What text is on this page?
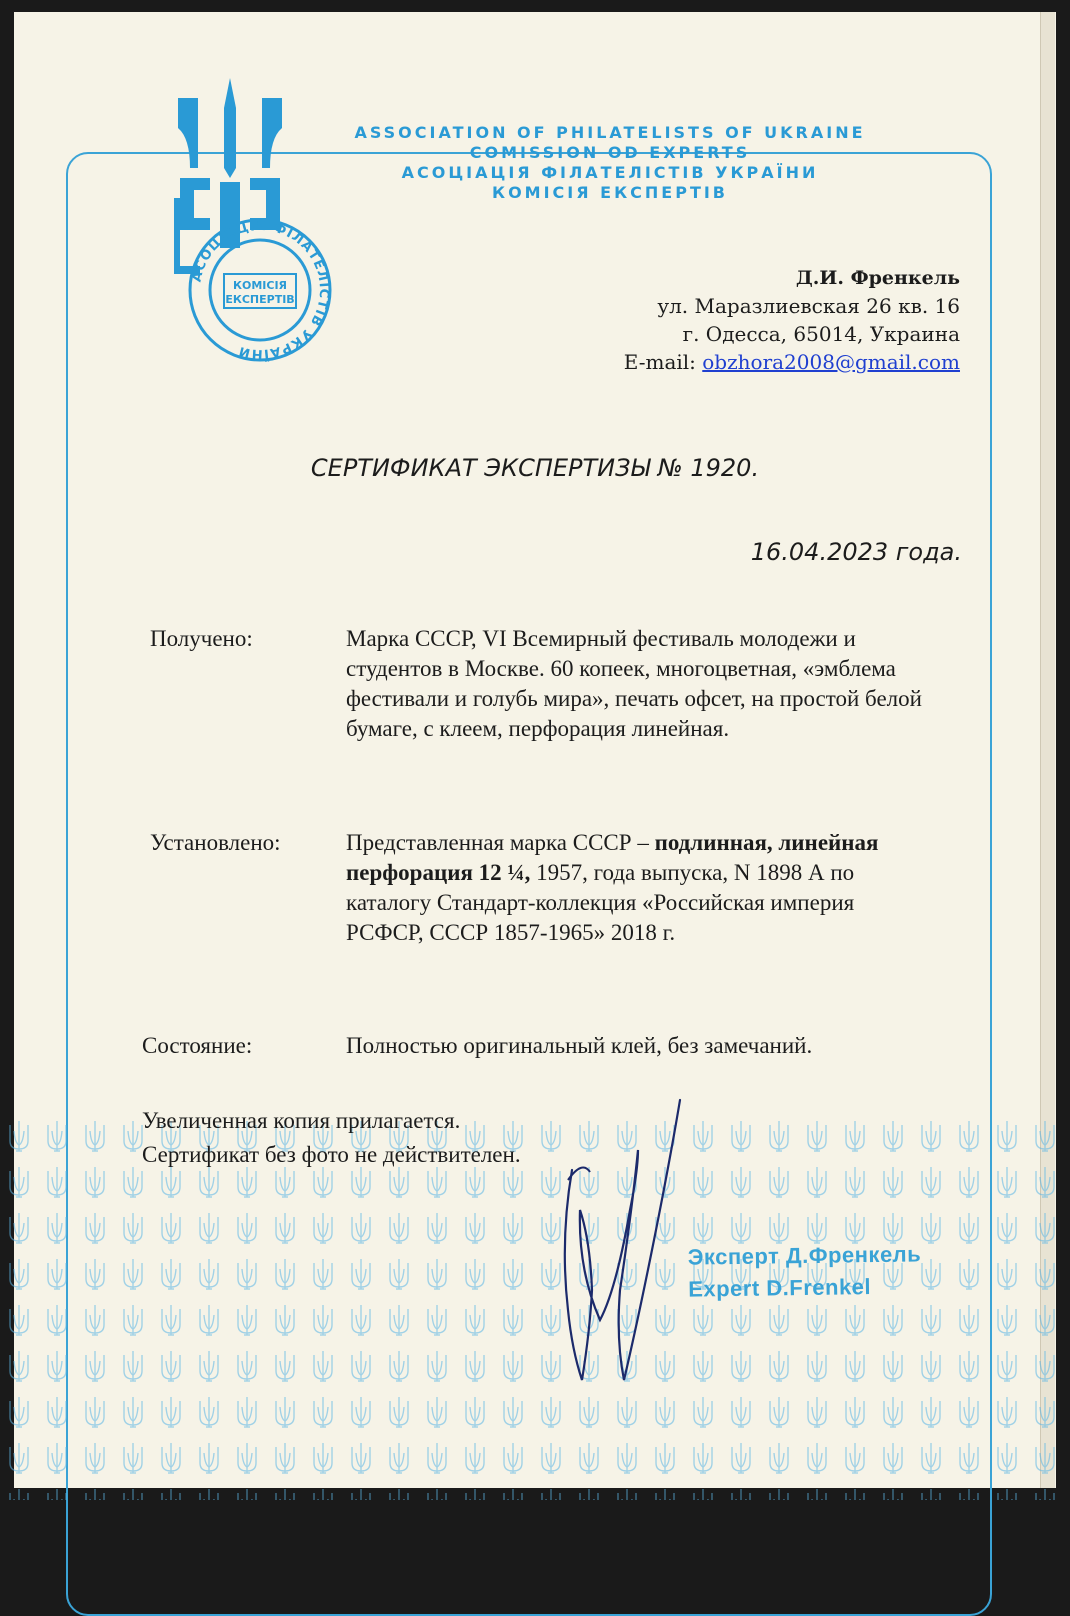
АСОЦІАЦІЯ ФІЛАТЕЛІСТІВ УКРАЇНИ
КОМІСІЯ
ЕКСПЕРТІВ
ASSOCIATION OF PHILATELISTS OF UKRAINE
COMISSION OD EXPERTS
АСОЦІАЦІЯ ФІЛАТЕЛІСТІВ УКРАЇНИ
КОМІСІЯ ЕКСПЕРТІВ
Д.И. Френкель
ул. Маразлиевская 26 кв. 16
г. Одесса, 65014, Украина
E-mail: obzhora2008@gmail.com
СЕРТИФИКАТ ЭКСПЕРТИЗЫ № 1920.
16.04.2023 года.
Получено:	Марка СССР, VI Всемирный фестиваль молодежи и студентов в Москве. 60 копеек, многоцветная, «эмблема фестивали и голубь мира», печать офсет, на простой белой бумаге, с клеем, перфорация линейная.
Установлено:	Представленная марка СССР – подлинная, линейная перфорация 12 ¼, 1957, года выпуска, N 1898 А по каталогу Стандарт-коллекция «Российская империя РСФСР, СССР 1857-1965» 2018 г.
Состояние:	Полностью оригинальный клей, без замечаний.
Увеличенная копия прилагается.
Сертификат без фото не действителен.
Эксперт Д.Френкель
Expert D.Frenkel
